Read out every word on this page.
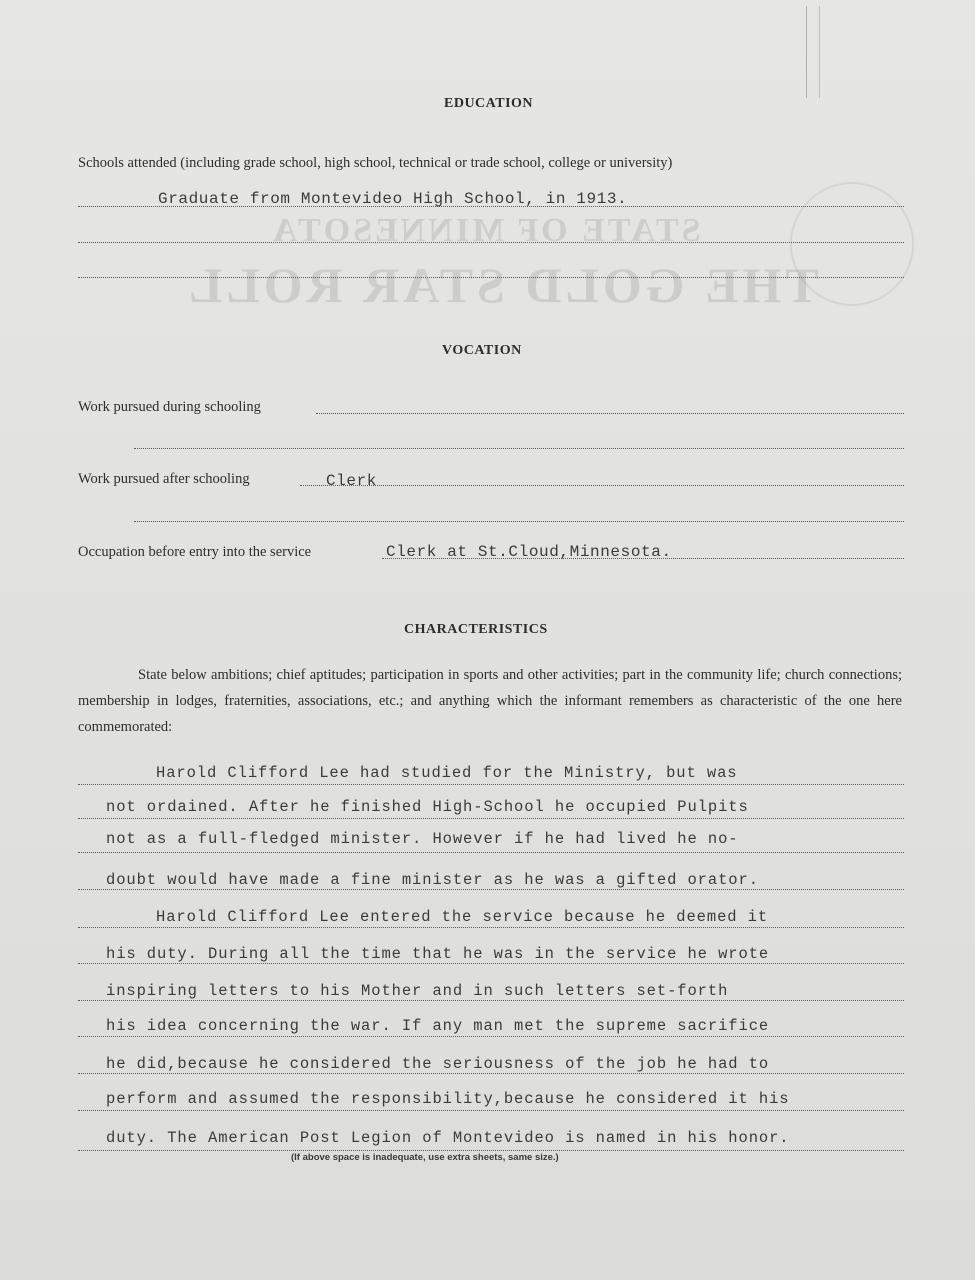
STATE OF MINNESOTA
THE GOLD STAR ROLL
EDUCATION
Schools attended (including grade school, high school, technical or trade school, college or university)
Graduate from Montevideo High School, in 1913.
VOCATION
Work pursued during schooling
Work pursued after schooling	Clerk
Occupation before entry into the service	Clerk at St.Cloud,Minnesota.
CHARACTERISTICS
State below ambitions; chief aptitudes; participation in sports and other activities; part in the community life; church connections; membership in lodges, fraternities, associations, etc.; and anything which the informant remembers as characteristic of the one here commemorated:
Harold Clifford Lee had studied for the Ministry, but was
not ordained. After he finished High-School he occupied Pulpits
not as a full-fledged minister. However if he had lived he no-
doubt would have made a fine minister as he was a gifted orator.
Harold Clifford Lee entered the service because he deemed it
his duty. During all the time that he was in the service he wrote
inspiring letters to his Mother and in such letters set-forth
his idea concerning the war. If any man met the supreme sacrifice
he did,because he considered the seriousness of the job he had to
perform and assumed the responsibility,because he considered it his
duty. The American Post Legion of Montevideo is named in his honor.
(If above space is inadequate, use extra sheets, same size.)
